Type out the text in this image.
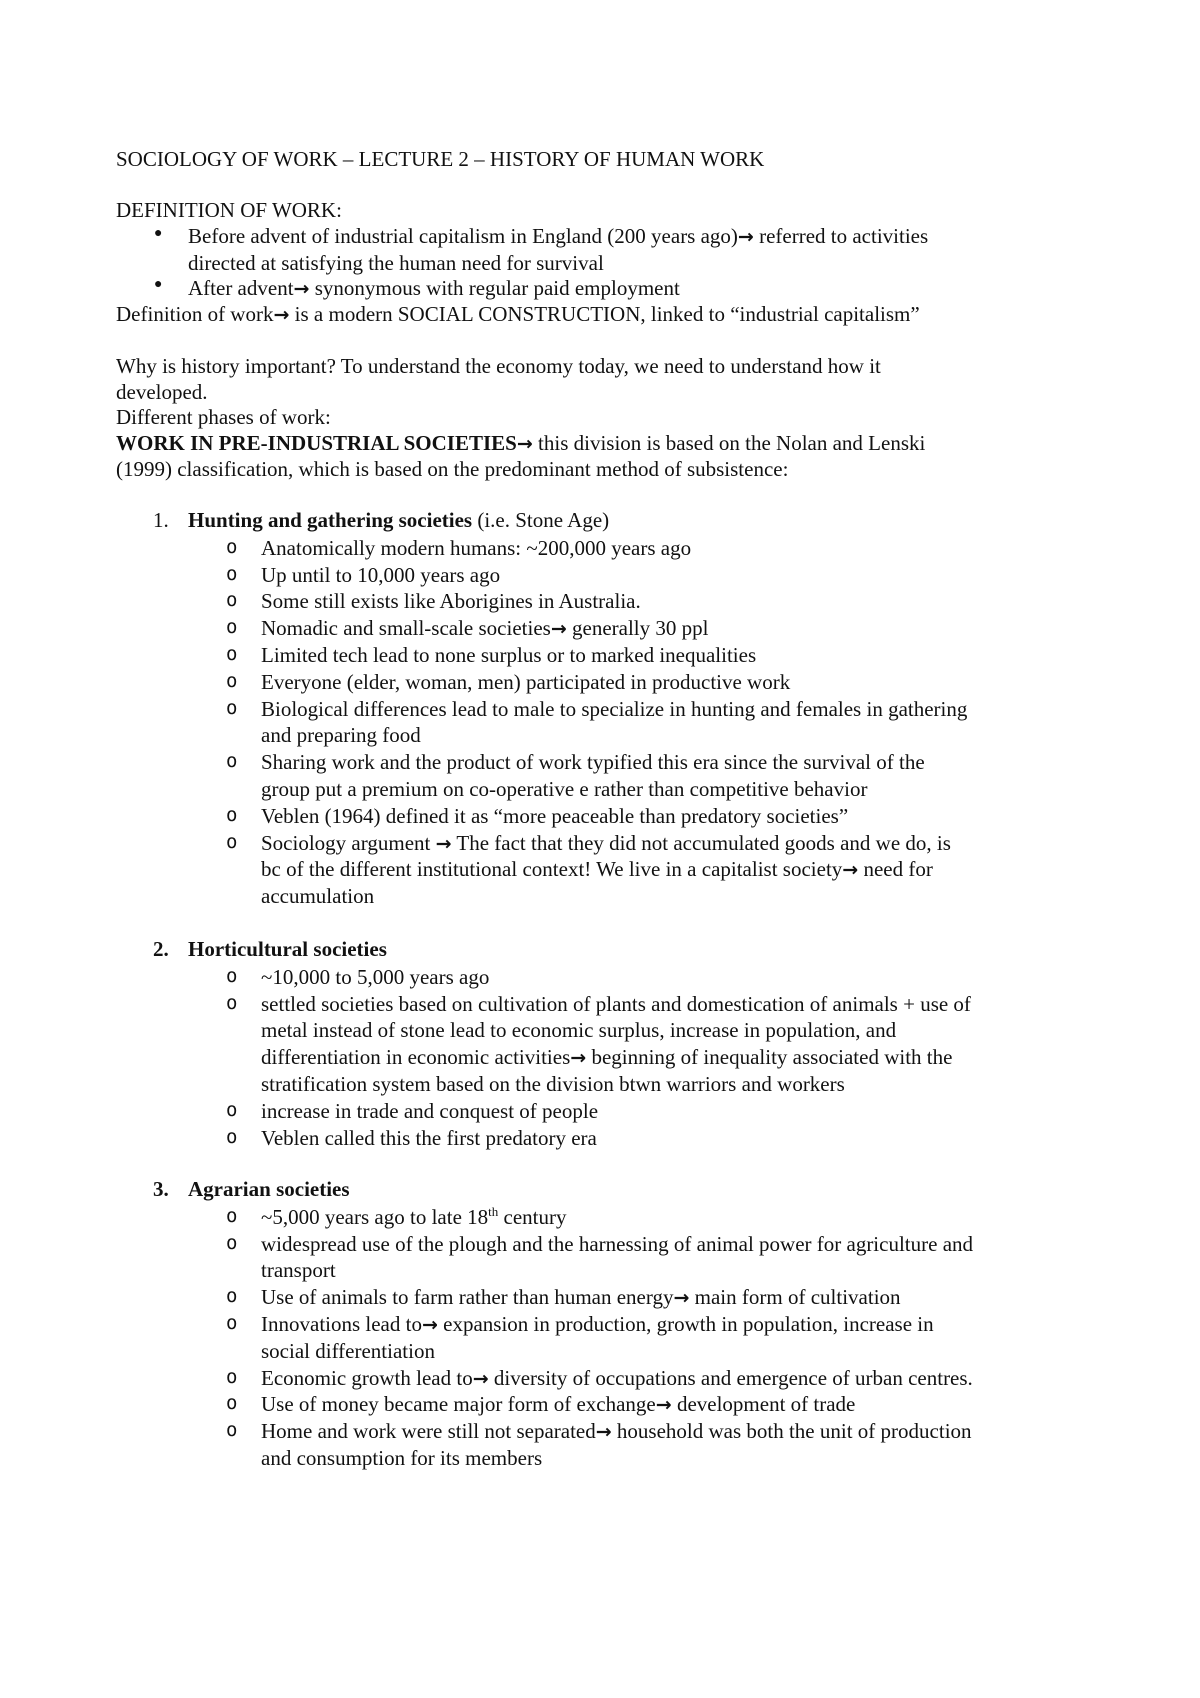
SOCIOLOGY OF WORK – LECTURE 2 – HISTORY OF HUMAN WORK
DEFINITION OF WORK:
● Before advent of industrial capitalism in England (200 years ago)→ referred to activities
directed at satisfying the human need for survival
● After advent→ synonymous with regular paid employment
Definition of work→ is a modern SOCIAL CONSTRUCTION, linked to “industrial capitalism”
Why is history important? To understand the economy today, we need to understand how it
developed.
Different phases of work:
WORK IN PRE-INDUSTRIAL SOCIETIES→ this division is based on the Nolan and Lenski
(1999) classification, which is based on the predominant method of subsistence:
1. Hunting and gathering societies (i.e. Stone Age)
o Anatomically modern humans: ~200,000 years ago
o Up until to 10,000 years ago
o Some still exists like Aborigines in Australia.
o Nomadic and small-scale societies→ generally 30 ppl
o Limited tech lead to none surplus or to marked inequalities
o Everyone (elder, woman, men) participated in productive work
o Biological differences lead to male to specialize in hunting and females in gathering
and preparing food
o Sharing work and the product of work typified this era since the survival of the
group put a premium on co-operative e rather than competitive behavior
o Veblen (1964) defined it as “more peaceable than predatory societies”
o Sociology argument → The fact that they did not accumulated goods and we do, is
bc of the different institutional context! We live in a capitalist society→ need for
accumulation
2. Horticultural societies
o ~10,000 to 5,000 years ago
o settled societies based on cultivation of plants and domestication of animals + use of
metal instead of stone lead to economic surplus, increase in population, and
differentiation in economic activities→ beginning of inequality associated with the
stratification system based on the division btwn warriors and workers
o increase in trade and conquest of people
o Veblen called this the first predatory era
3. Agrarian societies
o ~5,000 years ago to late 18th century
o widespread use of the plough and the harnessing of animal power for agriculture and
transport
o Use of animals to farm rather than human energy→ main form of cultivation
o Innovations lead to→ expansion in production, growth in population, increase in
social differentiation
o Economic growth lead to→ diversity of occupations and emergence of urban centres.
o Use of money became major form of exchange→ development of trade
o Home and work were still not separated→ household was both the unit of production
and consumption for its members
